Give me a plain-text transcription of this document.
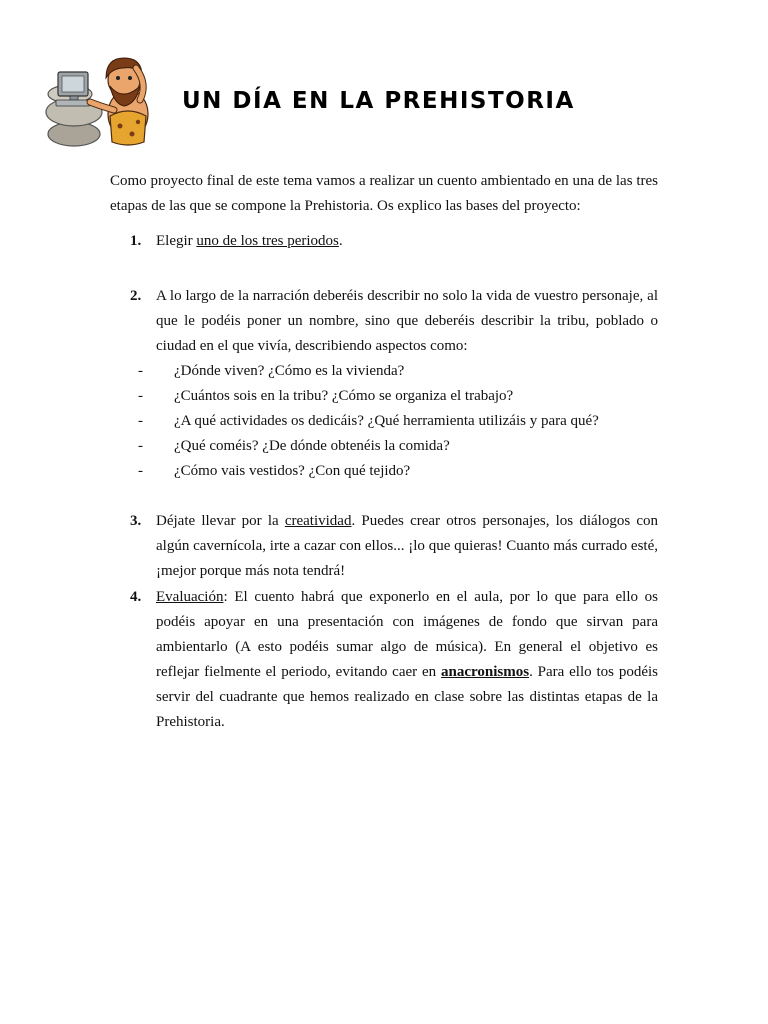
UN DÍA EN LA PREHISTORIA

Como proyecto final de este tema vamos a realizar un cuento ambientado en una de las tres etapas de las que se compone la Prehistoria. Os explico las bases del proyecto:

1. Elegir uno de los tres periodos.
2. A lo largo de la narración deberéis describir no solo la vida de vuestro personaje, al que le podéis poner un nombre, sino que deberéis describir la tribu, poblado o ciudad en el que vivía, describiendo aspectos como:
- ¿Dónde viven? ¿Cómo es la vivienda?
- ¿Cuántos sois en la tribu? ¿Cómo se organiza el trabajo?
- ¿A qué actividades os dedicáis? ¿Qué herramienta utilizáis y para qué?
- ¿Qué coméis? ¿De dónde obtenéis la comida?
- ¿Cómo vais vestidos? ¿Con qué tejido?
3. Déjate llevar por la creatividad. Puedes crear otros personajes, los diálogos con algún cavernícola, irte a cazar con ellos... ¡lo que quieras! Cuanto más currado esté, ¡mejor porque más nota tendrá!
4. Evaluación: El cuento habrá que exponerlo en el aula, por lo que para ello os podéis apoyar en una presentación con imágenes de fondo que sirvan para ambientarlo (A esto podéis sumar algo de música). En general el objetivo es reflejar fielmente el periodo, evitando caer en anacronismos. Para ello tos podéis servir del cuadrante que hemos realizado en clase sobre las distintas etapas de la Prehistoria.
